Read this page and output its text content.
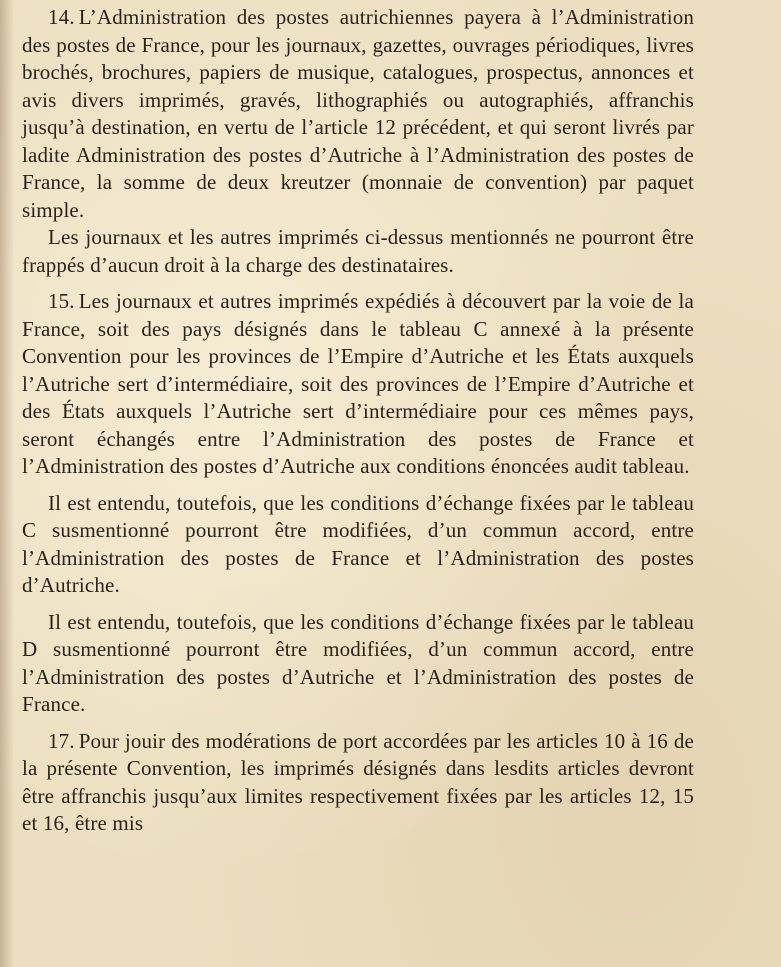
14. L’Administration des postes autrichiennes payera à l’Administration des postes de France, pour les journaux, gazettes, ouvrages périodiques, livres brochés, brochures, papiers de musique, catalogues, prospectus, annonces et avis divers imprimés, gravés, lithographiés ou autographiés, affranchis jusqu’à destination, en vertu de l’article 12 précédent, et qui seront livrés par ladite Administration des postes d’Autriche à l’Administration des postes de France, la somme de deux kreutzer (monnaie de convention) par paquet simple.

Les journaux et les autres imprimés ci-dessus mentionnés ne pourront être frappés d’aucun droit à la charge des destinataires.

15. Les journaux et autres imprimés expédiés à découvert par la voie de la France, soit des pays désignés dans le tableau C annexé à la présente Convention pour les provinces de l’Empire d’Autriche et les États auxquels l’Autriche sert d’intermédiaire, soit des provinces de l’Empire d’Autriche et des États auxquels l’Autriche sert d’intermédiaire pour ces mêmes pays, seront échangés entre l’Administration des postes de France et l’Administration des postes d’Autriche aux conditions énoncées audit tableau.

Il est entendu, toutefois, que les conditions d’échange fixées par le tableau C susmentionné pourront être modifiées, d’un commun accord, entre l’Administration des postes de France et l’Administration des postes d’Autriche.

Il est entendu, toutefois, que les conditions d’échange fixées par le tableau D susmentionné pourront être modifiées, d’un commun accord, entre l’Administration des postes d’Autriche et l’Administration des postes de France.

17. Pour jouir des modérations de port accordées par les articles 10 à 16 de la présente Convention, les imprimés désignés dans lesdits articles devront être affranchis jusqu’aux limites respectivement fixées par les articles 12, 15 et 16, être mis
